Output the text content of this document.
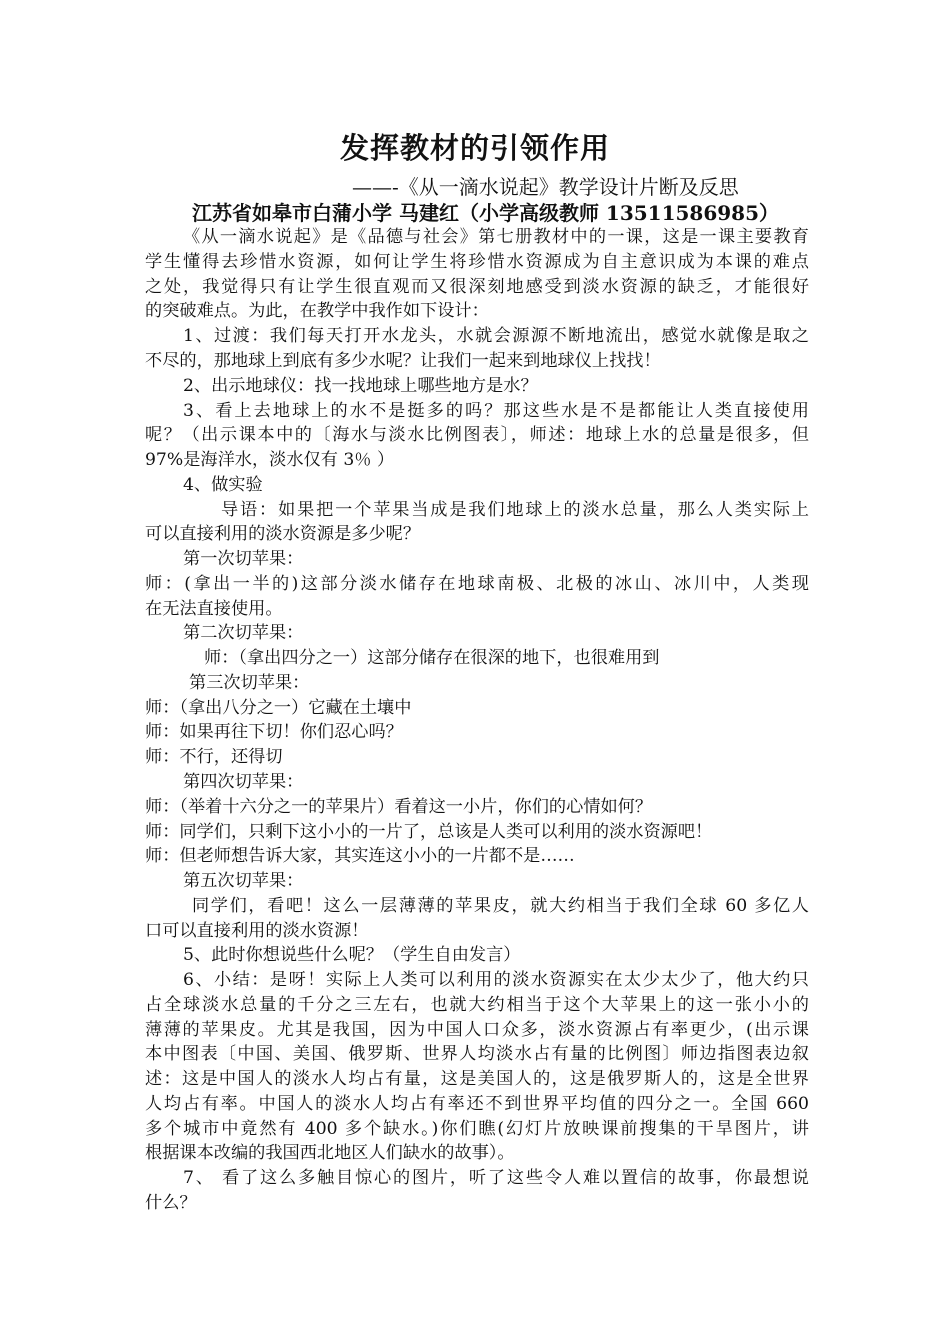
发挥教材的引领作用
——-《从一滴水说起》教学设计片断及反思
江苏省如皋市白蒲小学 马建红（小学高级教师 13511586985）
《从一滴水说起》是《品德与社会》第七册教材中的一课，这是一课主要教育
学生懂得去珍惜水资源，如何让学生将珍惜水资源成为自主意识成为本课的难点
之处，我觉得只有让学生很直观而又很深刻地感受到淡水资源的缺乏，才能很好
的突破难点。为此，在教学中我作如下设计：
1、过渡：我们每天打开水龙头，水就会源源不断地流出，感觉水就像是取之
不尽的，那地球上到底有多少水呢？让我们一起来到地球仪上找找！
2、出示地球仪：找一找地球上哪些地方是水？
3、看上去地球上的水不是挺多的吗？那这些水是不是都能让人类直接使用
呢？（出示课本中的〔海水与淡水比例图表〕，师述：地球上水的总量是很多，但
97%是海洋水，淡水仅有 3％ ）
4、做实验
导语：如果把一个苹果当成是我们地球上的淡水总量，那么人类实际上
可以直接利用的淡水资源是多少呢？
第一次切苹果：
师：(拿出一半的)这部分淡水储存在地球南极、北极的冰山、冰川中，人类现
在无法直接使用。
第二次切苹果：
师：（拿出四分之一）这部分储存在很深的地下，也很难用到
第三次切苹果：
师：（拿出八分之一）它藏在土壤中
师：如果再往下切！你们忍心吗？
师：不行，还得切
第四次切苹果：
师：（举着十六分之一的苹果片）看着这一小片，你们的心情如何？
师：同学们，只剩下这小小的一片了，总该是人类可以利用的淡水资源吧！
师：但老师想告诉大家，其实连这小小的一片都不是……
第五次切苹果：
同学们，看吧！这么一层薄薄的苹果皮，就大约相当于我们全球 60 多亿人
口可以直接利用的淡水资源！
5、此时你想说些什么呢？（学生自由发言）
6、小结：是呀！实际上人类可以利用的淡水资源实在太少太少了，他大约只
占全球淡水总量的千分之三左右，也就大约相当于这个大苹果上的这一张小小的
薄薄的苹果皮。尤其是我国，因为中国人口众多，淡水资源占有率更少，(出示课
本中图表〔中国、美国、俄罗斯、世界人均淡水占有量的比例图〕师边指图表边叙
述：这是中国人的淡水人均占有量，这是美国人的，这是俄罗斯人的，这是全世界
人均占有率。中国人的淡水人均占有率还不到世界平均值的四分之一。全国 660
多个城市中竟然有 400 多个缺水。)你们瞧(幻灯片放映课前搜集的干旱图片，讲
根据课本改编的我国西北地区人们缺水的故事）。
7、 看了这么多触目惊心的图片，听了这些令人难以置信的故事，你最想说
什么？
